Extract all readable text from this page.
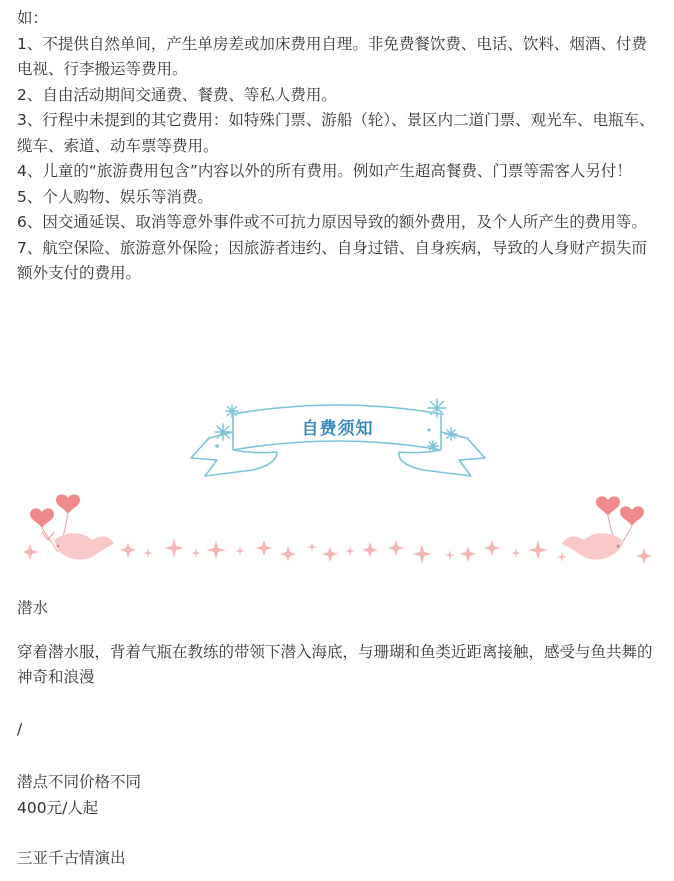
如：

1、不提供自然单间，产生单房差或加床费用自理。非免费餐饮费、电话、饮料、烟酒、付费电视、行李搬运等费用。

2、自由活动期间交通费、餐费、等私人费用。

3、行程中未提到的其它费用：如特殊门票、游船（轮）、景区内二道门票、观光车、电瓶车、缆车、索道、动车票等费用。

4、儿童的“旅游费用包含”内容以外的所有费用。例如产生超高餐费、门票等需客人另付！

5、个人购物、娱乐等消费。

6、因交通延误、取消等意外事件或不可抗力原因导致的额外费用，及个人所产生的费用等。

7、航空保险、旅游意外保险；因旅游者违约、自身过错、自身疾病，导致的人身财产损失而额外支付的费用。

自费须知

潜水

穿着潜水服，背着气瓶在教练的带领下潜入海底，与珊瑚和鱼类近距离接触，感受与鱼共舞的神奇和浪漫

/

潜点不同价格不同

400元/人起

三亚千古情演出
